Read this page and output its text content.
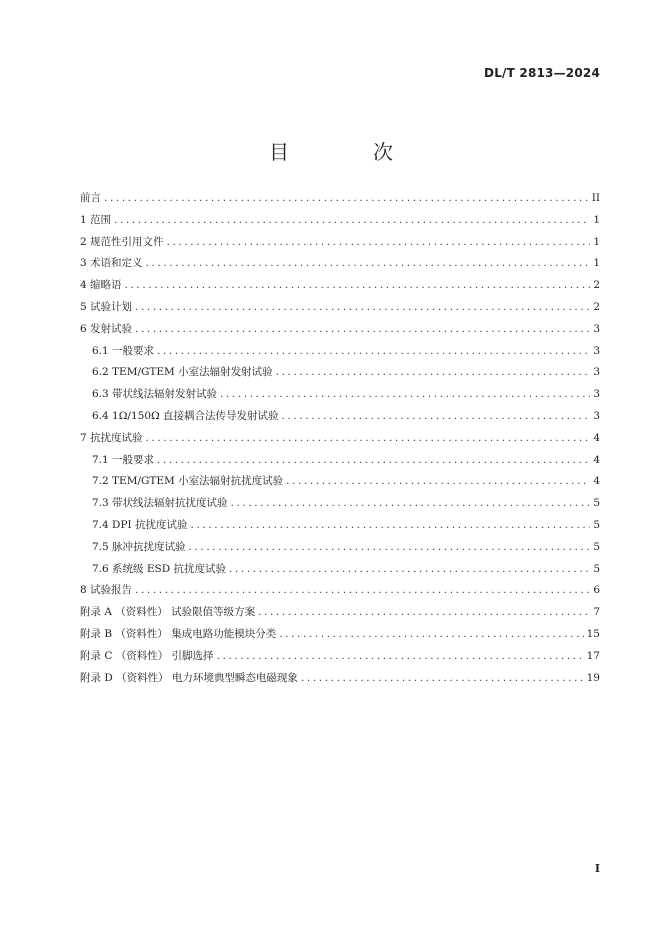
DL/T 2813—2024
目　次
前言 .....	II
1 范围 .....	1
2 规范性引用文件 .....	1
3 术语和定义 .....	1
4 缩略语 .....	2
5 试验计划 .....	2
6 发射试验 .....	3
6.1 一般要求 .....	3
6.2 TEM/GTEM 小室法辐射发射试验 .....	3
6.3 带状线法辐射发射试验 .....	3
6.4 1Ω/150Ω 直接耦合法传导发射试验 .....	3
7 抗扰度试验 .....	4
7.1 一般要求 .....	4
7.2 TEM/GTEM 小室法辐射抗扰度试验 .....	4
7.3 带状线法辐射抗扰度试验 .....	5
7.4 DPI 抗扰度试验 .....	5
7.5 脉冲抗扰度试验 .....	5
7.6 系统级 ESD 抗扰度试验 .....	5
8 试验报告 .....	6
附录 A （资料性） 试验限值等级方案 .....	7
附录 B （资料性） 集成电路功能模块分类 .....	15
附录 C （资料性） 引脚选择 .....	17
附录 D （资料性） 电力环境典型瞬态电磁现象 .....	19
I
